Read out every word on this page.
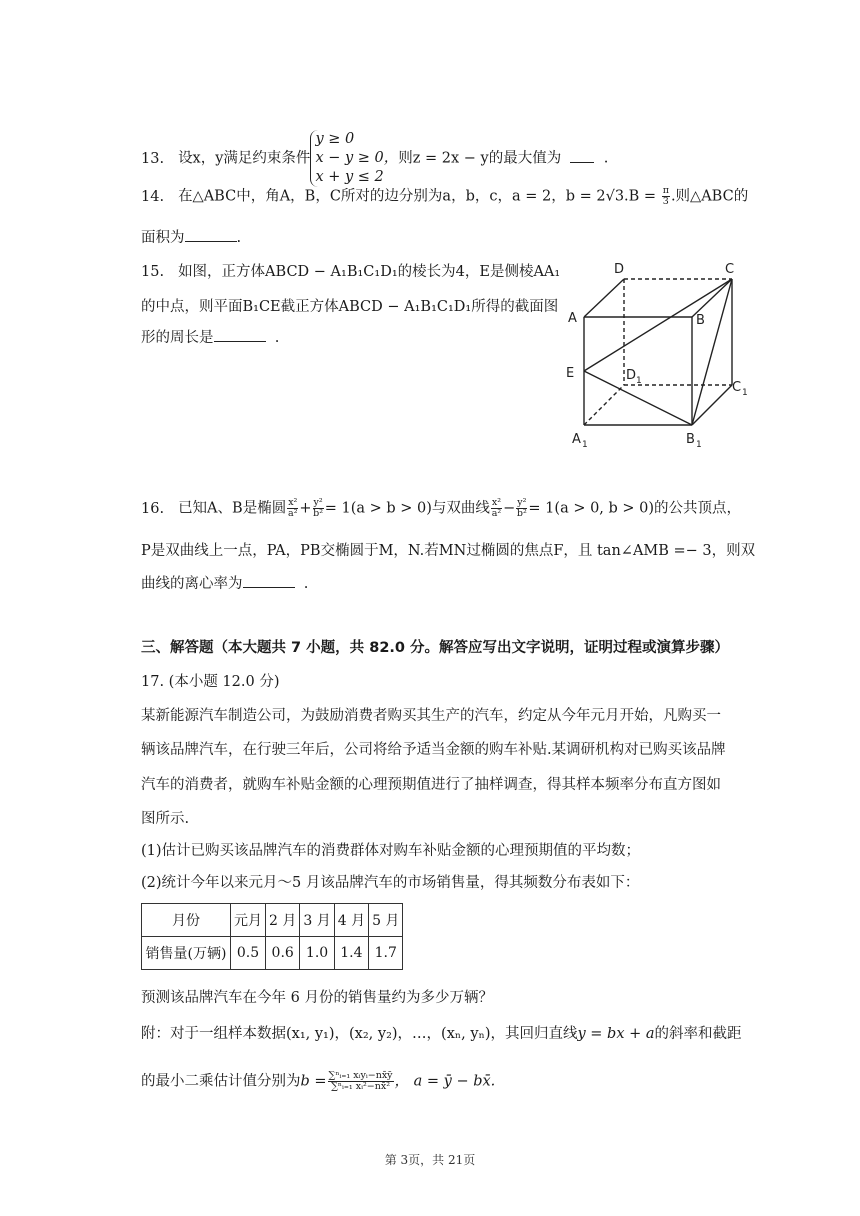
13. 设x，y满足约束条件y ≥ 0
x − y ≥ 0，
x + y ≤ 2则z = 2x − y的最大值为	.
14. 在△ABC中，角A，B，C所对的边分别为a，b，c，a = 2，$b = 2√3.B = \frac{\pi}{3}$ .则△ABC的
面积为	.
15. 如图，正方体ABCD − A₁B₁C₁D₁的棱长为4，E是侧棱AA₁
的中点，则平面B₁CE截正方体ABCD − A₁B₁C₁D₁所得的截面图
形的周长是	.
D	C
A	B
E	D 1	C 1
A 1	B 1
16. 已知A、B是椭圆 $\frac{\text{x²}}{\text{a²}} + \frac{\text{y²}}{\text{b²}} = 1(a > b > 0)$与双曲线 $\frac{\text{x²}}{\text{a²}} - \frac{\text{y²}}{\text{b²}} = 1(a > 0$, b > 0)的公共顶点，
P是双曲线上一点，PA，PB交椭圆于M，N.若MN过椭圆的焦点F，且 tan∠AMB =− 3，则双
曲线的离心率为	.
三、解答题（本大题共 7 小题，共 82.0 分。解答应写出文字说明，证明过程或演算步骤）
17. (本小题 12.0 分)
某新能源汽车制造公司，为鼓励消费者购买其生产的汽车，约定从今年元月开始，凡购买一
辆该品牌汽车，在行驶三年后，公司将给予适当金额的购车补贴.某调研机构对已购买该品牌
汽车的消费者，就购车补贴金额的心理预期值进行了抽样调查，得其样本频率分布直方图如
图所示.
(1)估计已购买该品牌汽车的消费群体对购车补贴金额的心理预期值的平均数；
(2)统计今年以来元月～5 月该品牌汽车的市场销售量，得其频数分布表如下：
月份	元月	2 月	3 月	4 月	5 月
销售量(万辆)	0.5	0.6	1.0	1.4	1.7
预测该品牌汽车在今年 6 月份的销售量约为多少万辆？
附：对于一组样本数据(x₁, y₁)，(x₂, y₂)，…，(xₙ, yₙ)，其回归直线y = bx + a的斜率和截距
的最小二乘估计值分别为$b = \frac{\text{∑ⁿᵢ₌₁ xᵢyᵢ−nx̄ȳ}}{\text{∑ⁿᵢ₌₁ xᵢ²−nx̄²}}$ ， a = ȳ − bx̄.
第 3页，共 21页
